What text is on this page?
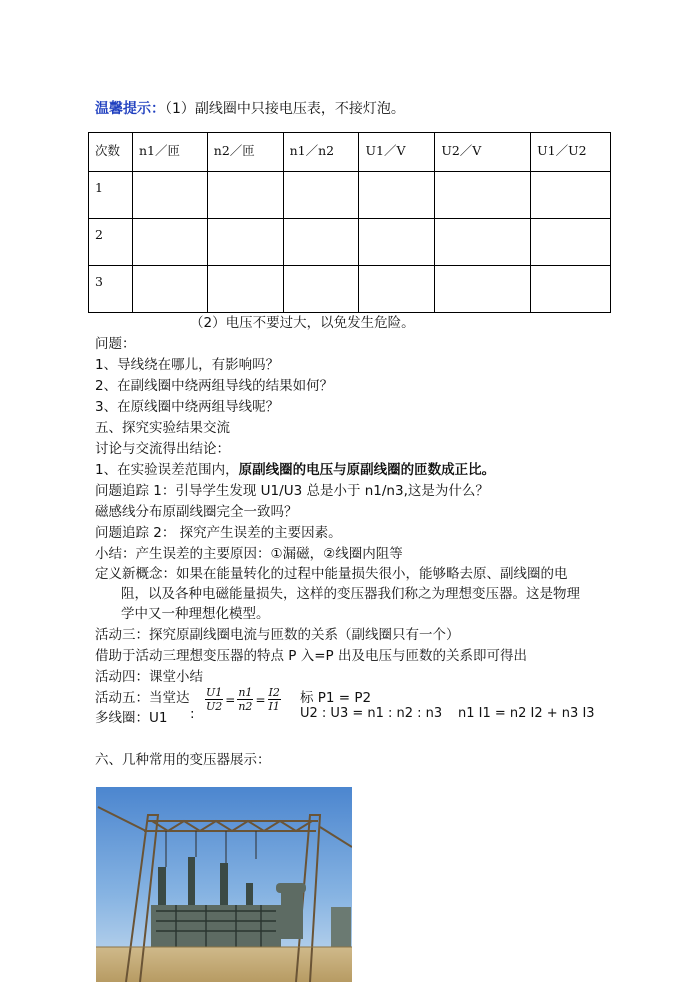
温馨提示：（1）副线圈中只接电压表，不接灯泡。
次数	n1／匝	n2／匝	n1／n2	U1／V	U2／V	U1／U2
1						
2						
3						
（2）电压不要过大，以免发生危险。
问题：
1、导线绕在哪儿，有影响吗？
2、在副线圈中绕两组导线的结果如何？
3、在原线圈中绕两组导线呢？
五、探究实验结果交流
讨论与交流得出结论：
1、在实验误差范围内，原副线圈的电压与原副线圈的匝数成正比。
问题追踪 1：引导学生发现 U1/U3 总是小于 n1/n3,这是为什么？
磁感线分布原副线圈完全一致吗？
问题追踪 2： 探究产生误差的主要因素。
小结：产生误差的主要原因：①漏磁，②线圈内阻等
定义新概念：如果在能量转化的过程中能量损失很小，能够略去原、副线圈的电
阻，以及各种电磁能量损失，这样的变压器我们称之为理想变压器。这是物理
学中又一种理想化模型。
活动三：探究原副线圈电流与匝数的关系（副线圈只有一个）
借助于活动三理想变压器的特点 P 入=P 出及电压与匝数的关系即可得出
活动四：课堂小结
活动五：当堂达 $\frac{U1}{U2} = \frac{n1}{n2} = \frac{I2}{I1}$ 标 P1 = P2
多线圈：U1 :	U2 : U3 = n1 : n2 : n3 n1 I1 = n2 I2 + n3 I3
六、几种常用的变压器展示：
